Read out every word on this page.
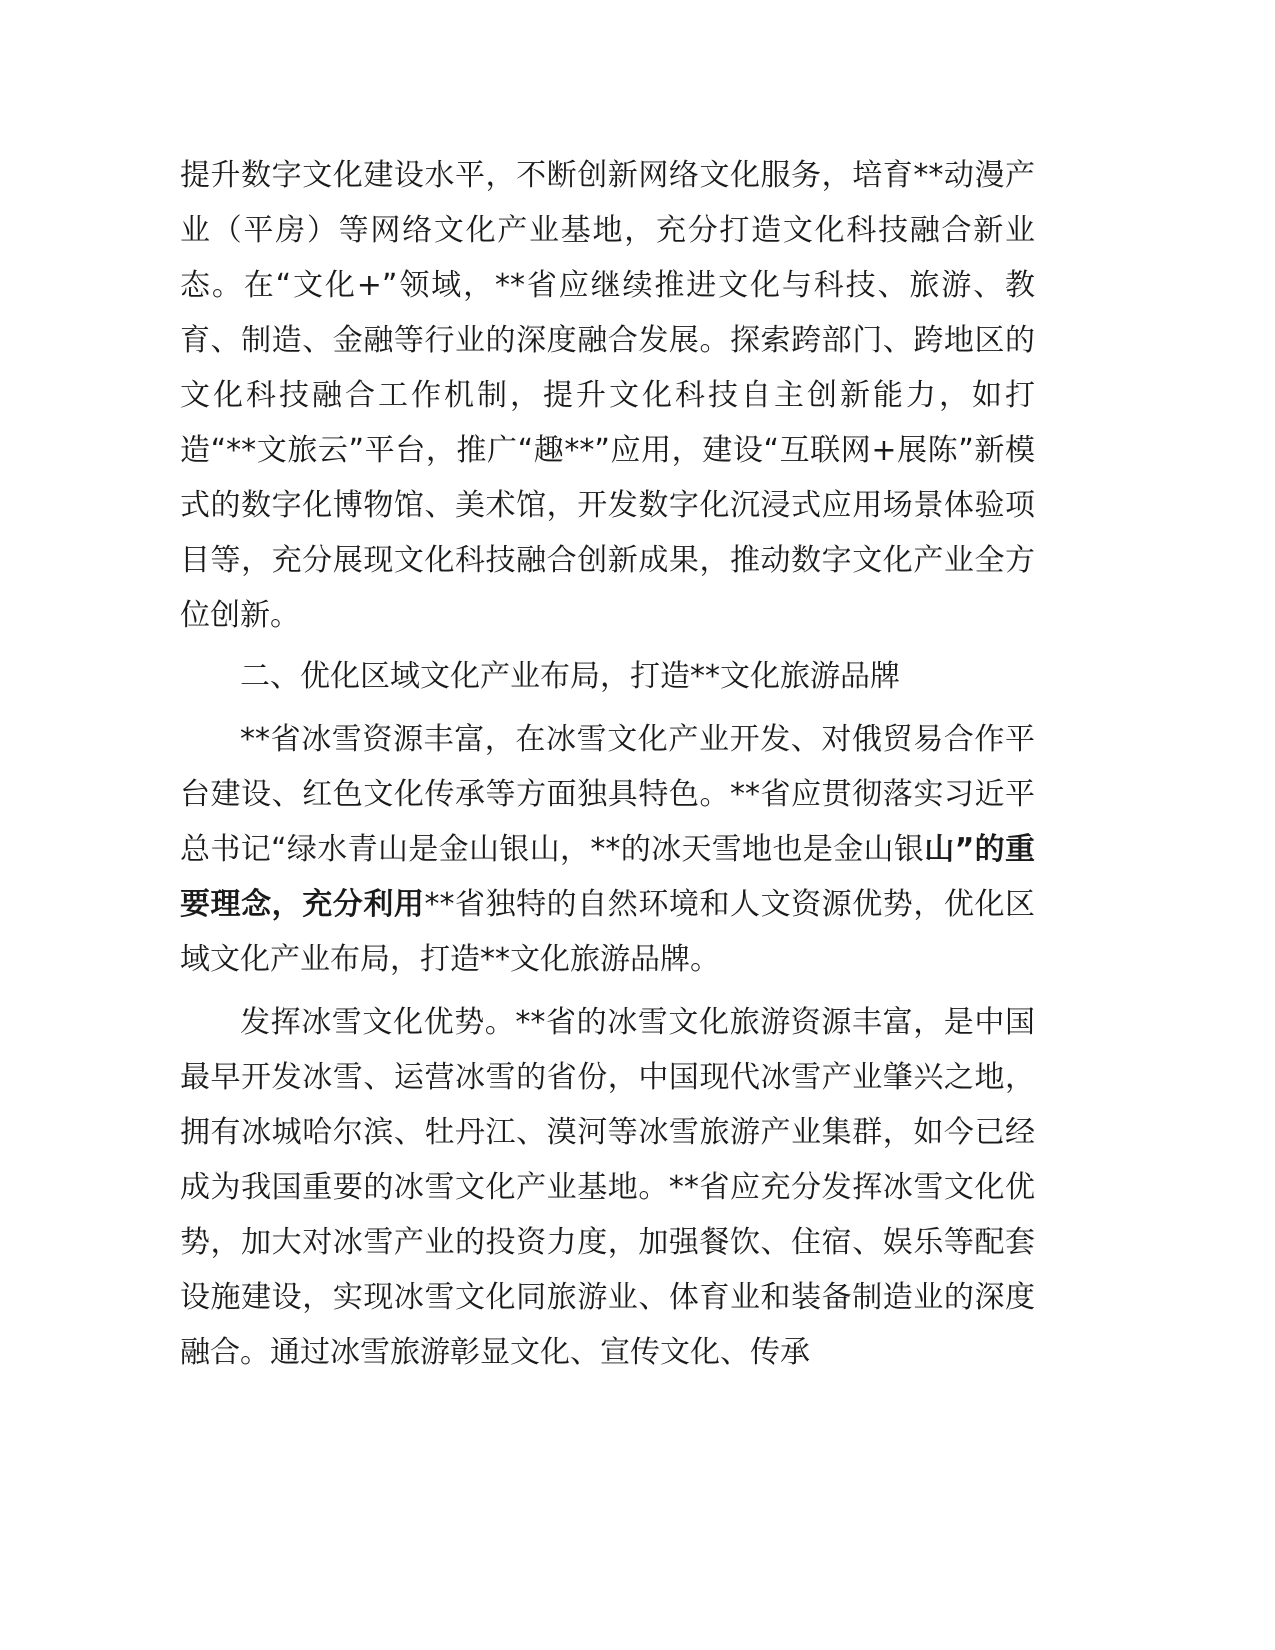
提升数字文化建设水平，不断创新网络文化服务，培育**动漫产业（平房）等网络文化产业基地，充分打造文化科技融合新业态。在“文化+”领域，**省应继续推进文化与科技、旅游、教育、制造、金融等行业的深度融合发展。探索跨部门、跨地区的文化科技融合工作机制，提升文化科技自主创新能力，如打造“**文旅云”平台，推广“趣**”应用，建设“互联网+展陈”新模式的数字化博物馆、美术馆，开发数字化沉浸式应用场景体验项目等，充分展现文化科技融合创新成果，推动数字文化产业全方位创新。

二、优化区域文化产业布局，打造**文化旅游品牌

**省冰雪资源丰富，在冰雪文化产业开发、对俄贸易合作平台建设、红色文化传承等方面独具特色。**省应贯彻落实习近平总书记“绿水青山是金山银山，**的冰天雪地也是金山银山”的重要理念，充分利用**省独特的自然环境和人文资源优势，优化区域文化产业布局，打造**文化旅游品牌。

发挥冰雪文化优势。**省的冰雪文化旅游资源丰富，是中国最早开发冰雪、运营冰雪的省份，中国现代冰雪产业肇兴之地，拥有冰城哈尔滨、牡丹江、漠河等冰雪旅游产业集群，如今已经成为我国重要的冰雪文化产业基地。**省应充分发挥冰雪文化优势，加大对冰雪产业的投资力度，加强餐饮、住宿、娱乐等配套设施建设，实现冰雪文化同旅游业、体育业和装备制造业的深度融合。通过冰雪旅游彰显文化、宣传文化、传承
